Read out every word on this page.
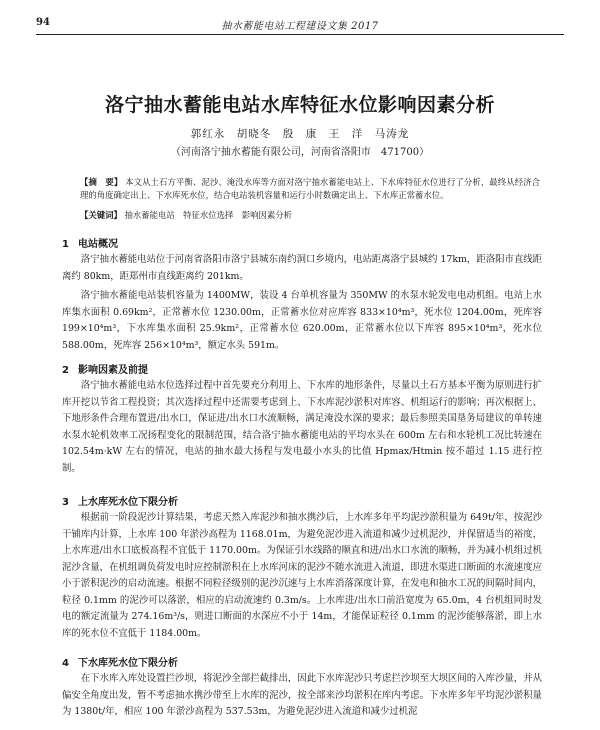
94	抽水蓄能电站工程建设文集 2017
洛宁抽水蓄能电站水库特征水位影响因素分析
郭红永　胡晓冬　殷　康　王　洋　马涛龙
（河南洛宁抽水蓄能有限公司，河南省洛阳市　471700）
【摘　要】 本文从土石方平衡、泥沙、淹没水库等方面对洛宁抽水蓄能电站上、下水库特征水位进行了分析，最终从经济合理的角度确定出上、下水库死水位，结合电站装机容量和运行小时数确定出上、下水库正常蓄水位。
【关键词】 抽水蓄能电站　特征水位选择　影响因素分析
1 电站概况

洛宁抽水蓄能电站位于河南省洛阳市洛宁县城东南约洞口乡境内，电站距离洛宁县城约 17km，距洛阳市直线距离约 80km，距郑州市直线距离约 201km。

洛宁抽水蓄能电站装机容量为 1400MW，装设 4 台单机容量为 350MW 的水泵水轮发电电动机组。电站上水库集水面积 0.69km²，正常蓄水位 1230.00m，正常蓄水位对应库容 833×10⁴m³，死水位 1204.00m，死库容 199×10⁴m³，下水库集水面积 25.9km²，正常蓄水位 620.00m，正常蓄水位以下库容 895×10⁴m³，死水位 588.00m，死库容 256×10⁴m³，额定水头 591m。

2 影响因素及前提

洛宁抽水蓄能电站水位选择过程中首先要充分利用上、下水库的地形条件，尽量以土石方基本平衡为原则进行扩库开挖以节省工程投资；其次选择过程中还需要考虑到上、下水库泥沙淤积对库容、机组运行的影响；再次根据上、下地形条件合理布置进/出水口，保证进/出水口水流顺畅，满足淹没水深的要求；最后参照美国垦务局建议的单转速水泵水轮机效率工况扬程变化的限制范围，结合洛宁抽水蓄能电站的平均水头在 600m 左右和水轮机工况比转速在 102.54m·kW 左右的情况，电站的抽水最大扬程与发电最小水头的比值 Hpmax/Htmin 按不超过 1.15 进行控制。

3 上水库死水位下限分析

根据前一阶段泥沙计算结果，考虑天然入库泥沙和抽水携沙后，上水库多年平均泥沙淤积量为 649t/年，按泥沙干铺库内计算，上水库 100 年淤沙高程为 1168.01m，为避免泥沙进入流道和减少过机泥沙，并保留适当的裕度，上水库进/出水口底板高程不宜低于 1170.00m。为保证引水线路的顺直和进/出水口水流的顺畅，并为减小机组过机泥沙含量，在机组调负荷发电时应控制淤积在上水库河床的泥沙不随水流进入流道，即进水渠进口断面的水流速度应小于淤积泥沙的启动流速。根据不同粒径级别的泥沙沉速与上水库消落深度计算，在发电和抽水工况的间隔时间内，粒径 0.1mm 的泥沙可以落淤，相应的启动流速约 0.3m/s。上水库进/出水口前沿宽度为 65.0m，4 台机组同时发电的额定流量为 274.16m³/s，则进口断面的水深应不小于 14m，才能保证粒径 0.1mm 的泥沙能够落淤，即上水库的死水位不宜低于 1184.00m。

4 下水库死水位下限分析

在下水库入库处设置拦沙坝，将泥沙全部拦截排出，因此下水库泥沙只考虑拦沙坝至大坝区间的入库沙量，并从偏安全角度出发，暂不考虑抽水携沙带至上水库的泥沙，按全部来沙均淤积在库内考虑。下水库多年平均泥沙淤积量为 1380t/年，相应 100 年淤沙高程为 537.53m，为避免泥沙进入流道和减少过机泥
